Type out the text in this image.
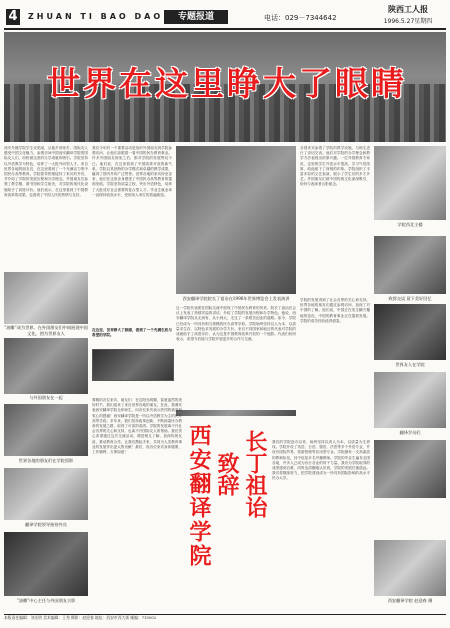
4	ZHUAN TI BAO DAO	专题报道	电话：029－7344642
陕西工人报
1996.5.27星期四
世界在这里睁大了眼睛
西安外籍学院学生谈见闻，从他乡到家乡。国际友人感受中国文化魅力。参观访问中国西安翻译学院的国际友人们，纷纷被这里的办学成就所吸引。学院坚持以外语教学为特色，培养了一大批外向型人才。来自世界各地的朋友们，在这里看到了一个充满活力的中国民办高等教育。学院领导热情接待了来访的外宾，并介绍了学院的发展历程和办学理念。外国朋友们参观了教学楼、图书馆和学生宿舍，对学院的现代化设施给予了高度评价。他们表示，在这里看到了中国教育改革的成果，也看到了中国人民的热情与友好。
“油雕”成为世界。在外国朋友们中间展现中国文化。图为世界友人
我们今年的一个重要活动是组织外国朋友到学院参观访问，让他们亲眼看一看中国的民办教育事业。许多外国朋友到来之后，都对学院的发展赞叹不已。他们说，在这里看到了中国改革开放的新气象。学院以其独特的办学模式和卓越的教学成果，赢得了国内外的广泛赞誉。世界各地的来宾纷至沓来，他们在这里亲身感受了中国民办高等教育的蓬勃发展。学院坚持质量立校，突出外语特色，培养了大批适应社会需要的复合型人才。毕业生就业率一直保持较高水平，受到用人单位的普遍欢迎。
在这里，世界睁大了眼睛，看到了一个充满生机与希望的学院。
与外国朋友在一起
西安翻译学院院长丁祖诒在1996年世界博览会上发表演讲
这一学院代表团在国际交流中展现了中国民办教育的风采。院长丁祖诒在会议上发表了热情洋溢的讲话，介绍了学院的发展历程和办学特色。他说，西安翻译学院从无到有，从小到大，走过了一条艰苦创业的道路。如今，学院已经成为一所具有相当规模的民办高等学府。学院始终坚持以人为本、以质量求生存、以特色求发展的办学方针。来自不同国家和地区的代表对学院的成就给予了高度评价，认为这是中国教育改革开放的一个缩影。代表们纷纷表示，希望今后能与学院开展更多的合作与交流。
各国来宾参观了学院的教学设施，与师生进行了亲切交谈。他们对学院的办学理念和教学方法表现出浓厚兴趣。一位外国教育专家说，这里的学生外语水平很高，学习气氛浓厚，给他留下了深刻的印象。学院组织了丰富多彩的文艺表演，展示了学生们的多才多艺。外国朋友们被中国传统文化深深吸引，纷纷与表演者合影留念。
学院西北主楼
学院的发展得到了社会各界的关心和支持。世界各地的朋友们通过参观访问，加深了对中国的了解。他们说，中国正在发生翻天覆地的变化，中国的教育事业正在蓬勃发展。学院的成功经验值得借鉴。
致辞交谈 留下美好回忆
世界友人在学院
翻译学员们
世界各地的朋友们在学院留影
翻译学院领导接待外宾
“油雕”中心主任与外国朋友合影
尊敬的各位来宾、朋友们：在这阳光明媚、春意盎然的美好时节，我们迎来了来自世界各地的朋友。在此，我谨代表西安翻译学院全体师生，向各位来宾表示热烈的欢迎和衷心的感谢！西安翻译学院是一所以外语教学为主的民办高等学府。多年来，我们坚持改革创新，不断探索民办教育的发展之路，取得了可喜的成绩。学院的发展离不开社会各界的关心和支持，也离不开国际友人的帮助。我们衷心希望通过这次交流活动，增进相互了解，加深传统友谊，推动教育合作。让我们携起手来，共同为人类教育事业的发展作出更大的贡献！最后，祝各位来宾身体健康、工作顺利、万事如意！	西安翻译学院 致辞 长丁祖诒	我们的学院创办以来，始终坚持以育人为本，以质量为生命线。学院开设了英语、日语、德语、法语等多个外语专业，并设有国际贸易、旅游管理等应用型专业。学院拥有一支高素质的教师队伍，其中包括多名外籍教师。学院的毕业生遍布全国各地，许多人已成为各行各业的骨干力量。我们为学院取得的成绩感到自豪，同时也清醒地认识到，学院的发展任重道远。我们将继续努力，把学院建设成为一所具有国际影响的高水平民办大学。
西安翻译学院 赵迎春 摄
本版责任编辑：刘光明 美术编辑：王秀 摄影：赵迎春 地址：西安市西大街 邮编：710002
